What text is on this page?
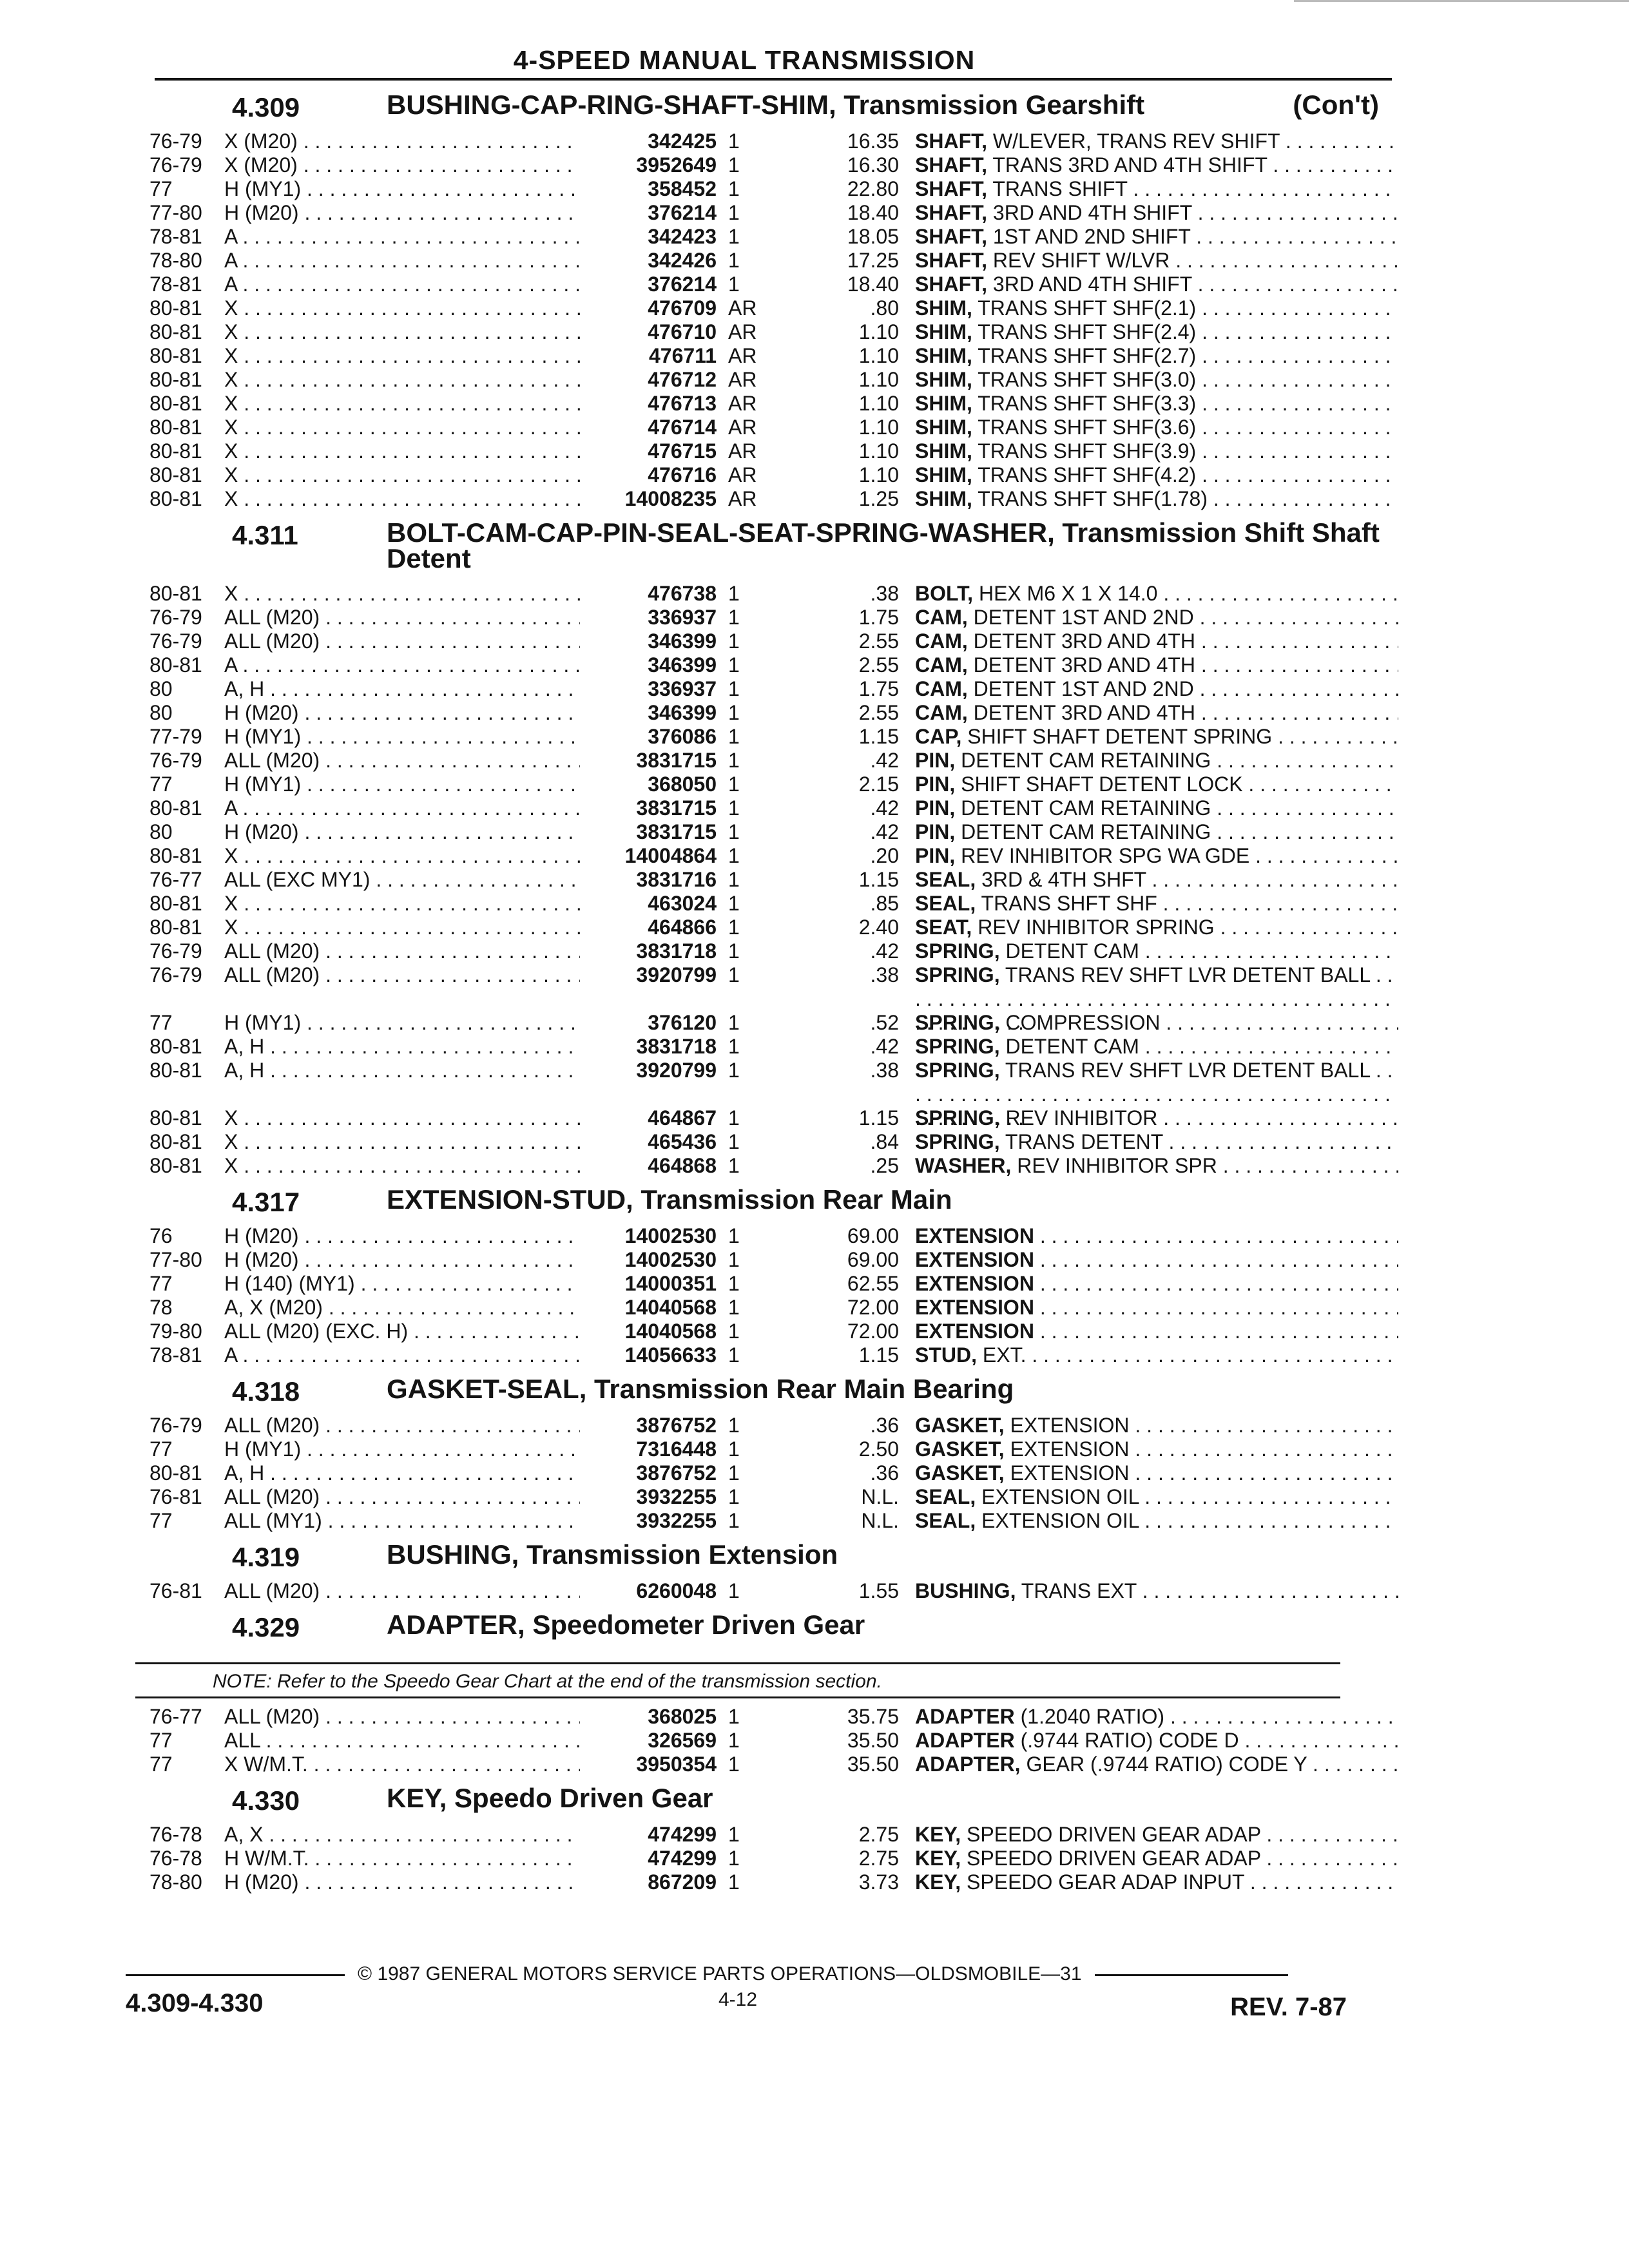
4-SPEED MANUAL TRANSMISSION
4.309	BUSHING-CAP-RING-SHAFT-SHIM, Transmission Gearshift	(Con't)
76-79	X (M20) . . .	342425 1	16.35 SHAFT, W/LEVER, TRANS REV SHIFT . . .
76-79	X (M20) . . .	3952649 1	16.30 SHAFT, TRANS 3RD AND 4TH SHIFT . . .
77	H (MY1) . . .	358452 1	22.80 SHAFT, TRANS SHIFT . . .
77-80	H (M20) . . .	376214 1	18.40 SHAFT, 3RD AND 4TH SHIFT . . .
78-81	A . . .	342423 1	18.05 SHAFT, 1ST AND 2ND SHIFT . . .
78-80	A . . .	342426 1	17.25 SHAFT, REV SHIFT W/LVR . . .
78-81	A . . .	376214 1	18.40 SHAFT, 3RD AND 4TH SHIFT . . .
80-81	X . . .	476709 AR	.80 SHIM, TRANS SHFT SHF(2.1) . . .
80-81	X . . .	476710 AR	1.10 SHIM, TRANS SHFT SHF(2.4) . . .
80-81	X . . .	476711 AR	1.10 SHIM, TRANS SHFT SHF(2.7) . . .
80-81	X . . .	476712 AR	1.10 SHIM, TRANS SHFT SHF(3.0) . . .
80-81	X . . .	476713 AR	1.10 SHIM, TRANS SHFT SHF(3.3) . . .
80-81	X . . .	476714 AR	1.10 SHIM, TRANS SHFT SHF(3.6) . . .
80-81	X . . .	476715 AR	1.10 SHIM, TRANS SHFT SHF(3.9) . . .
80-81	X . . .	476716 AR	1.10 SHIM, TRANS SHFT SHF(4.2) . . .
80-81	X . . .	14008235 AR	1.25 SHIM, TRANS SHFT SHF(1.78) . . .
4.311	BOLT-CAM-CAP-PIN-SEAL-SEAT-SPRING-WASHER, Transmission Shift Shaft Detent
80-81	X . . .	476738 1	.38 BOLT, HEX M6 X 1 X 14.0 . . .
76-79	ALL (M20) . . .	336937 1	1.75 CAM, DETENT 1ST AND 2ND . . .
76-79	ALL (M20) . . .	346399 1	2.55 CAM, DETENT 3RD AND 4TH . . .
80-81	A . . .	346399 1	2.55 CAM, DETENT 3RD AND 4TH . . .
80	A, H . . .	336937 1	1.75 CAM, DETENT 1ST AND 2ND . . .
80	H (M20) . . .	346399 1	2.55 CAM, DETENT 3RD AND 4TH . . .
77-79	H (MY1) . . .	376086 1	1.15 CAP, SHIFT SHAFT DETENT SPRING . . .
76-79	ALL (M20) . . .	3831715 1	.42 PIN, DETENT CAM RETAINING . . .
77	H (MY1) . . .	368050 1	2.15 PIN, SHIFT SHAFT DETENT LOCK . . .
80-81	A . . .	3831715 1	.42 PIN, DETENT CAM RETAINING . . .
80	H (M20) . . .	3831715 1	.42 PIN, DETENT CAM RETAINING . . .
80-81	X . . .	14004864 1	.20 PIN, REV INHIBITOR SPG WA GDE . . .
76-77	ALL (EXC MY1) . . .	3831716 1	1.15 SEAL, 3RD & 4TH SHFT . . .
80-81	X . . .	463024 1	.85 SEAL, TRANS SHFT SHF . . .
80-81	X . . .	464866 1	2.40 SEAT, REV INHIBITOR SPRING . . .
76-79	ALL (M20) . . .	3831718 1	.42 SPRING, DETENT CAM . . .
76-79	ALL (M20) . . .	3920799 1	.38 SPRING, TRANS REV SHFT LVR DETENT BALL . . .
77	H (MY1) . . .	376120 1	.52 SPRING, COMPRESSION . . .
80-81	A, H . . .	3831718 1	.42 SPRING, DETENT CAM . . .
80-81	A, H . . .	3920799 1	.38 SPRING, TRANS REV SHFT LVR DETENT BALL . . .
80-81	X . . .	464867 1	1.15 SPRING, REV INHIBITOR . . .
80-81	X . . .	465436 1	.84 SPRING, TRANS DETENT . . .
80-81	X . . .	464868 1	.25 WASHER, REV INHIBITOR SPR . . .
4.317	EXTENSION-STUD, Transmission Rear Main
76	H (M20) . . .	14002530 1	69.00 EXTENSION . . .
77-80	H (M20) . . .	14002530 1	69.00 EXTENSION . . .
77	H (140) (MY1) . . .	14000351 1	62.55 EXTENSION . . .
78	A, X (M20) . . .	14040568 1	72.00 EXTENSION . . .
79-80	ALL (M20) (EXC. H) . . .	14040568 1	72.00 EXTENSION . . .
78-81	A . . .	14056633 1	1.15 STUD, EXT. . . .
4.318	GASKET-SEAL, Transmission Rear Main Bearing
76-79	ALL (M20) . . .	3876752 1	.36 GASKET, EXTENSION . . .
77	H (MY1) . . .	7316448 1	2.50 GASKET, EXTENSION . . .
80-81	A, H . . .	3876752 1	.36 GASKET, EXTENSION . . .
76-81	ALL (M20) . . .	3932255 1	N.L. SEAL, EXTENSION OIL . . .
77	ALL (MY1) . . .	3932255 1	N.L. SEAL, EXTENSION OIL . . .
4.319	BUSHING, Transmission Extension
76-81	ALL (M20) . . .	6260048 1	1.55 BUSHING, TRANS EXT . . .
4.329	ADAPTER, Speedometer Driven Gear
NOTE: Refer to the Speedo Gear Chart at the end of the transmission section.
76-77	ALL (M20) . . .	368025 1	35.75 ADAPTER (1.2040 RATIO) . . .
77	ALL . . .	326569 1	35.50 ADAPTER (.9744 RATIO) CODE D . . .
77	X W/M.T. . . .	3950354 1	35.50 ADAPTER, GEAR (.9744 RATIO) CODE Y . . .
4.330	KEY, Speedo Driven Gear
76-78	A, X . . .	474299 1	2.75 KEY, SPEEDO DRIVEN GEAR ADAP . . .
76-78	H W/M.T. . . .	474299 1	2.75 KEY, SPEEDO DRIVEN GEAR ADAP . . .
78-80	H (M20) . . .	867209 1	3.73 KEY, SPEEDO GEAR ADAP INPUT . . .
© 1987 GENERAL MOTORS SERVICE PARTS OPERATIONS—OLDSMOBILE—31
4.309-4.330	4-12	REV. 7-87
